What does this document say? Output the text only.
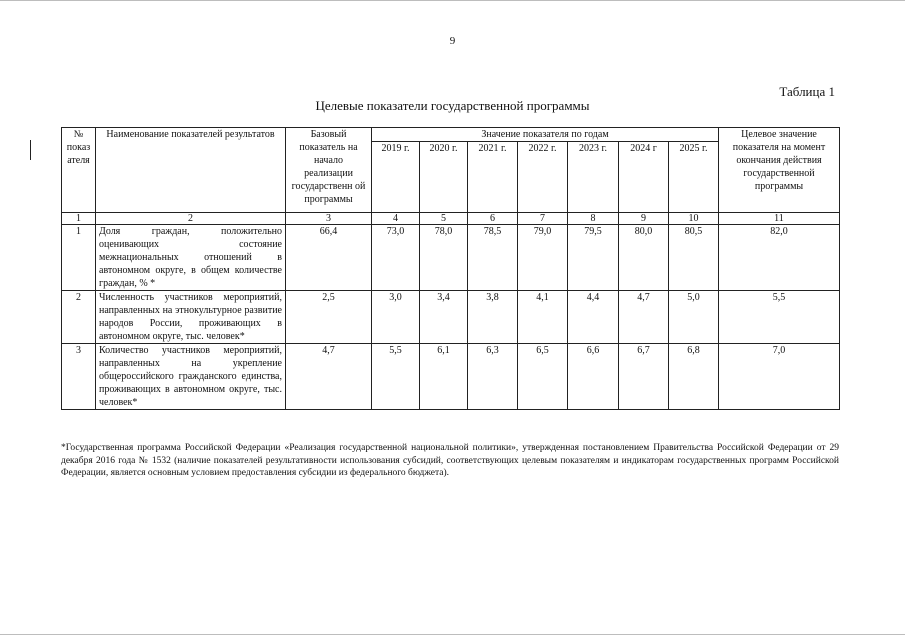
9
Таблица 1
Целевые показатели государственной программы
№ показ ателя	Наименование показателей результатов	Базовый показатель на начало реализации государственн ой программы	Значение показателя по годам							Целевое значение показателя на момент окончания действия государственной программы
			2019 г.	2020 г.	2021 г.	2022 г.	2023 г.	2024 г	2025 г.	
1	2	3	4	5	6	7	8	9	10	11
1	Доля граждан, положительно оценивающих состояние межнациональных отношений в автономном округе, в общем количестве граждан, % *	66,4	73,0	78,0	78,5	79,0	79,5	80,0	80,5	82,0
2	Численность участников мероприятий, направленных на этнокультурное развитие народов России, проживающих в автономном округе, тыс. человек*	2,5	3,0	3,4	3,8	4,1	4,4	4,7	5,0	5,5
3	Количество участников мероприятий, направленных на укрепление общероссийского гражданского единства, проживающих в автономном округе, тыс. человек*	4,7	5,5	6,1	6,3	6,5	6,6	6,7	6,8	7,0
*Государственная программа Российской Федерации «Реализация государственной национальной политики», утвержденная постановлением Правительства Российской Федерации от 29 декабря 2016 года № 1532 (наличие показателей результативности использования субсидий, соответствующих целевым показателям и индикаторам государственных программ Российской Федерации, является основным условием предоставления субсидии из федерального бюджета).
